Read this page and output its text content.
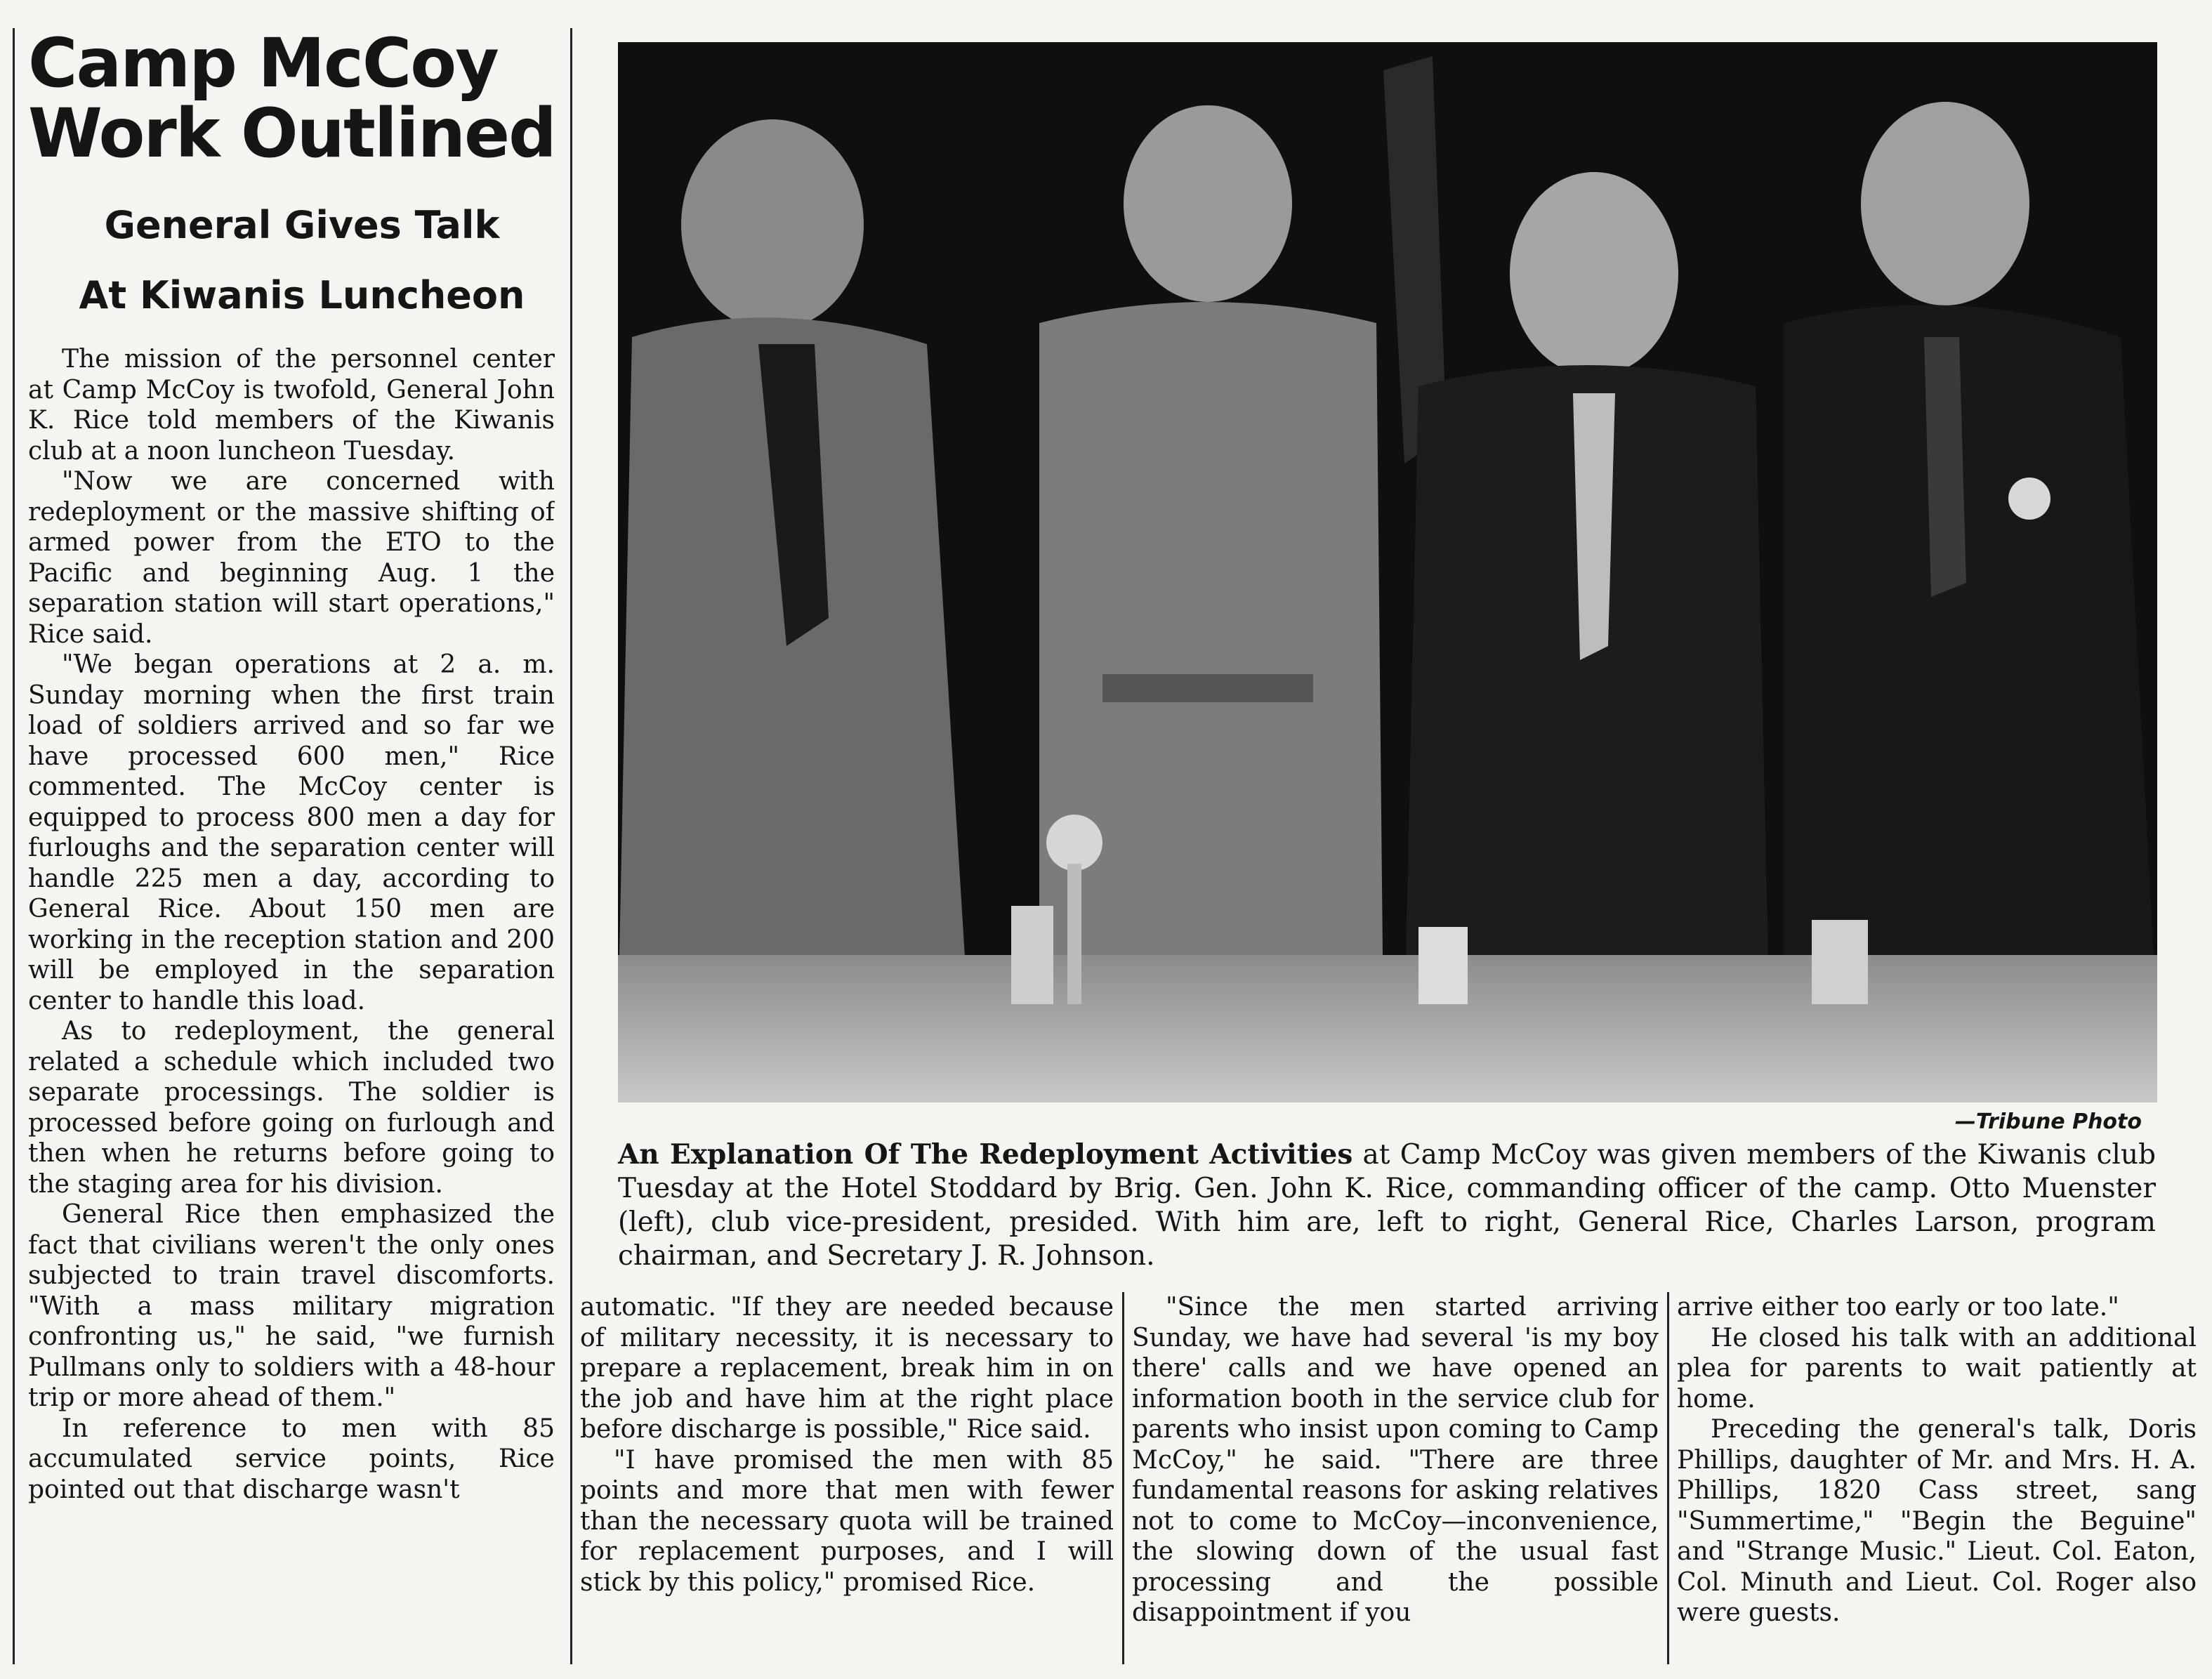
Camp McCoy Work Outlined
General Gives Talk
At Kiwanis Luncheon

The mission of the personnel center at Camp McCoy is twofold, General John K. Rice told members of the Kiwanis club at a noon luncheon Tuesday.

"Now we are concerned with redeployment or the massive shifting of armed power from the ETO to the Pacific and beginning Aug. 1 the separation station will start operations," Rice said.

"We began operations at 2 a. m. Sunday morning when the first train load of soldiers arrived and so far we have processed 600 men," Rice commented. The McCoy center is equipped to process 800 men a day for furloughs and the separation center will handle 225 men a day, according to General Rice. About 150 men are working in the reception station and 200 will be employed in the separation center to handle this load.

As to redeployment, the general related a schedule which included two separate processings. The soldier is processed before going on furlough and then when he returns before going to the staging area for his division.

General Rice then emphasized the fact that civilians weren't the only ones subjected to train travel discomforts. "With a mass military migration confronting us," he said, "we furnish Pullmans only to soldiers with a 48-hour trip or more ahead of them."

In reference to men with 85 accumulated service points, Rice pointed out that discharge wasn't

—Tribune Photo
An Explanation Of The Redeployment Activities at Camp McCoy was given members of the Kiwanis club Tuesday at the Hotel Stoddard by Brig. Gen. John K. Rice, commanding officer of the camp. Otto Muenster (left), club vice-president, presided. With him are, left to right, General Rice, Charles Larson, program chairman, and Secretary J. R. Johnson.

automatic. "If they are needed because of military necessity, it is necessary to prepare a replacement, break him in on the job and have him at the right place before discharge is possible," Rice said.

"I have promised the men with 85 points and more that men with fewer than the necessary quota will be trained for replacement purposes, and I will stick by this policy," promised Rice.

"Since the men started arriving Sunday, we have had several 'is my boy there' calls and we have opened an information booth in the service club for parents who insist upon coming to Camp McCoy," he said. "There are three fundamental reasons for asking relatives not to come to McCoy—inconvenience, the slowing down of the usual fast processing and the possible disappointment if you

arrive either too early or too late."

He closed his talk with an additional plea for parents to wait patiently at home.

Preceding the general's talk, Doris Phillips, daughter of Mr. and Mrs. H. A. Phillips, 1820 Cass street, sang "Summertime," "Begin the Beguine" and "Strange Music." Lieut. Col. Eaton, Col. Minuth and Lieut. Col. Roger also were guests.
